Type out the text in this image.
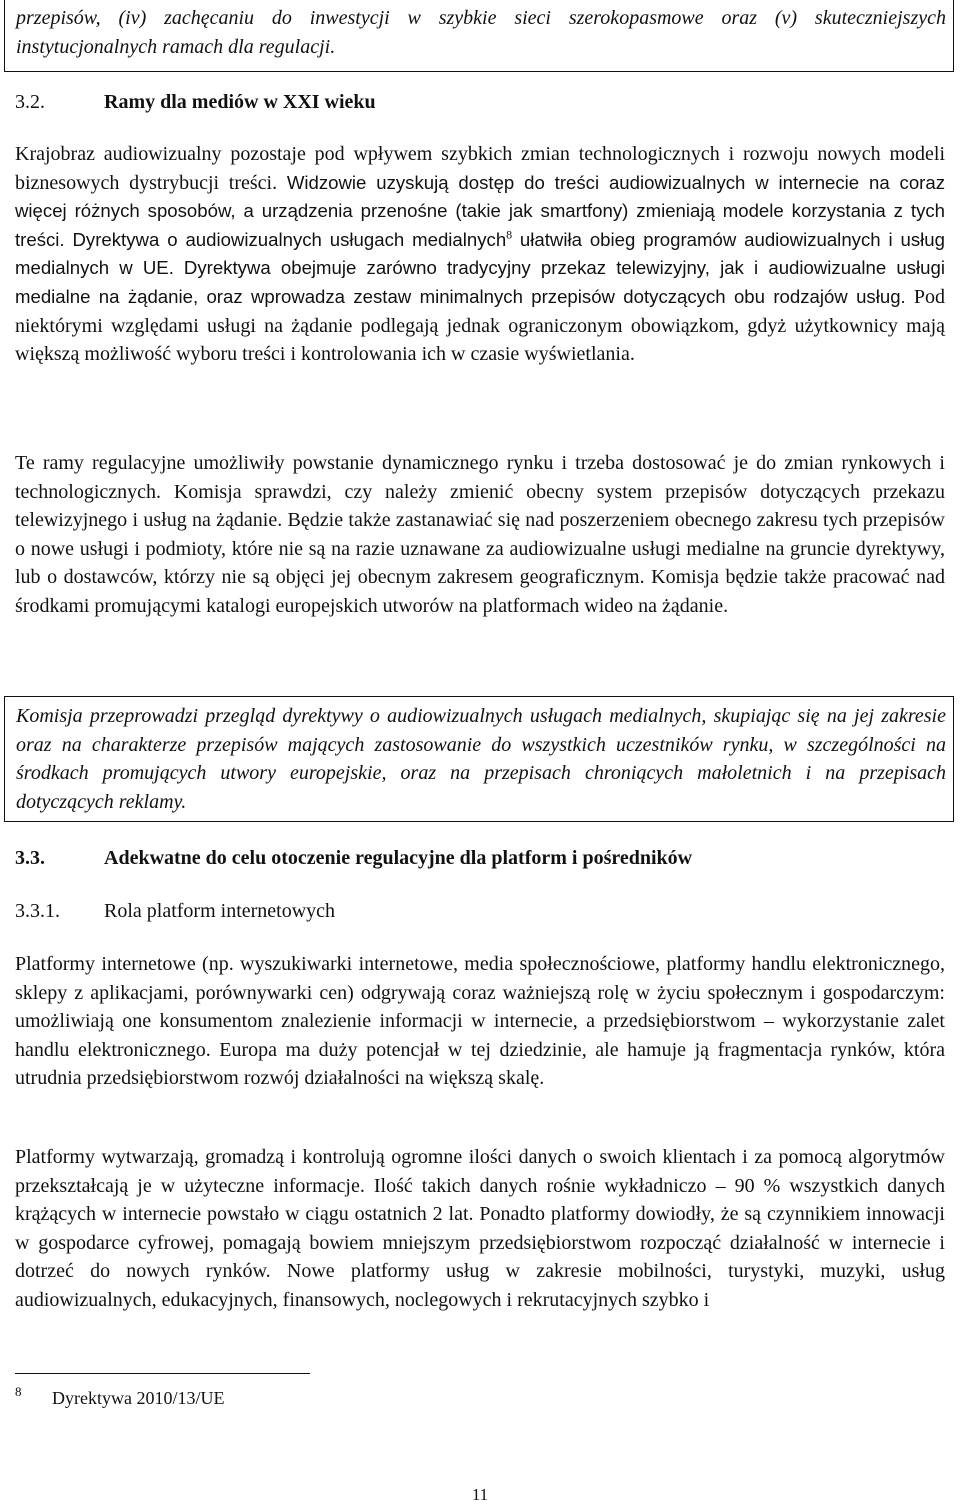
przepisów, (iv) zachęcaniu do inwestycji w szybkie sieci szerokopasmowe oraz (v) skuteczniejszych instytucjonalnych ramach dla regulacji.

3.2.	Ramy dla mediów w XXI wieku

Krajobraz audiowizualny pozostaje pod wpływem szybkich zmian technologicznych i rozwoju nowych modeli biznesowych dystrybucji treści. Widzowie uzyskują dostęp do treści audiowizualnych w internecie na coraz więcej różnych sposobów, a urządzenia przenośne (takie jak smartfony) zmieniają modele korzystania z tych treści. Dyrektywa o audiowizualnych usługach medialnych$^8$ ułatwiła obieg programów audiowizualnych i usług medialnych w UE. Dyrektywa obejmuje zarówno tradycyjny przekaz telewizyjny, jak i audiowizualne usługi medialne na żądanie, oraz wprowadza zestaw minimalnych przepisów dotyczących obu rodzajów usług. Pod niektórymi względami usługi na żądanie podlegają jednak ograniczonym obowiązkom, gdyż użytkownicy mają większą możliwość wyboru treści i kontrolowania ich w czasie wyświetlania.

Te ramy regulacyjne umożliwiły powstanie dynamicznego rynku i trzeba dostosować je do zmian rynkowych i technologicznych. Komisja sprawdzi, czy należy zmienić obecny system przepisów dotyczących przekazu telewizyjnego i usług na żądanie. Będzie także zastanawiać się nad poszerzeniem obecnego zakresu tych przepisów o nowe usługi i podmioty, które nie są na razie uznawane za audiowizualne usługi medialne na gruncie dyrektywy, lub o dostawców, którzy nie są objęci jej obecnym zakresem geograficznym. Komisja będzie także pracować nad środkami promującymi katalogi europejskich utworów na platformach wideo na żądanie.

Komisja przeprowadzi przegląd dyrektywy o audiowizualnych usługach medialnych, skupiając się na jej zakresie oraz na charakterze przepisów mających zastosowanie do wszystkich uczestników rynku, w szczególności na środkach promujących utwory europejskie, oraz na przepisach chroniących małoletnich i na przepisach dotyczących reklamy.

3.3.	Adekwatne do celu otoczenie regulacyjne dla platform i pośredników
3.3.1. Rola platform internetowych

Platformy internetowe (np. wyszukiwarki internetowe, media społecznościowe, platformy handlu elektronicznego, sklepy z aplikacjami, porównywarki cen) odgrywają coraz ważniejszą rolę w życiu społecznym i gospodarczym: umożliwiają one konsumentom znalezienie informacji w internecie, a przedsiębiorstwom – wykorzystanie zalet handlu elektronicznego. Europa ma duży potencjał w tej dziedzinie, ale hamuje ją fragmentacja rynków, która utrudnia przedsiębiorstwom rozwój działalności na większą skalę.

Platformy wytwarzają, gromadzą i kontrolują ogromne ilości danych o swoich klientach i za pomocą algorytmów przekształcają je w użyteczne informacje. Ilość takich danych rośnie wykładniczo – 90 % wszystkich danych krążących w internecie powstało w ciągu ostatnich 2 lat. Ponadto platformy dowiodły, że są czynnikiem innowacji w gospodarce cyfrowej, pomagają bowiem mniejszym przedsiębiorstwom rozpocząć działalność w internecie i dotrzeć do nowych rynków. Nowe platformy usług w zakresie mobilności, turystyki, muzyki, usług audiowizualnych, edukacyjnych, finansowych, noclegowych i rekrutacyjnych szybko i

8 Dyrektywa 2010/13/UE
11
